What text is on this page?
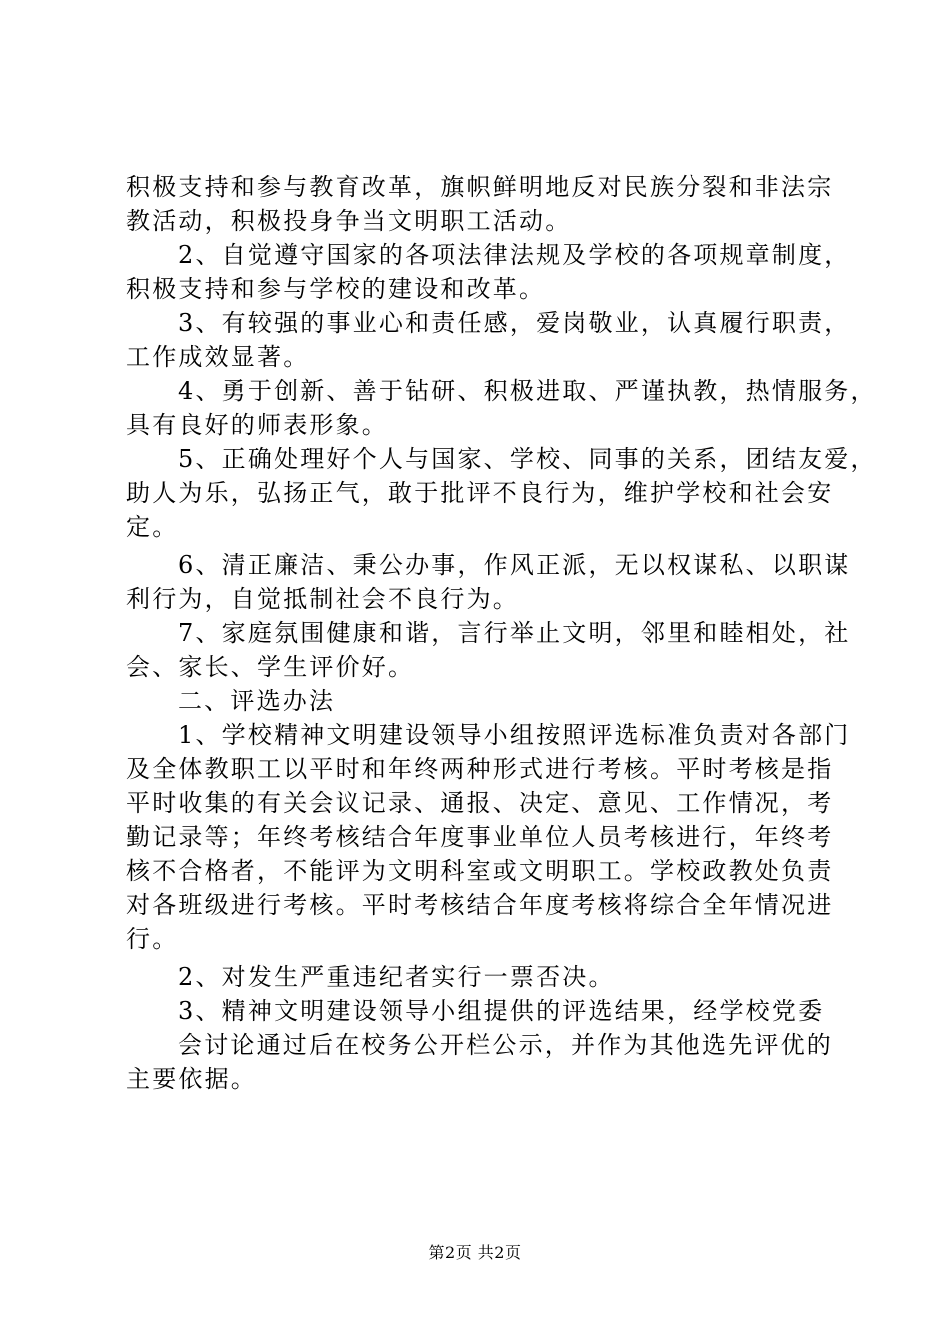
积极支持和参与教育改革，旗帜鲜明地反对民族分裂和非法宗
教活动，积极投身争当文明职工活动。
2、自觉遵守国家的各项法律法规及学校的各项规章制度，
积极支持和参与学校的建设和改革。
3、有较强的事业心和责任感，爱岗敬业，认真履行职责，
工作成效显著。
4、勇于创新、善于钻研、积极进取、严谨执教，热情服务，
具有良好的师表形象。
5、正确处理好个人与国家、学校、同事的关系，团结友爱，
助人为乐，弘扬正气，敢于批评不良行为，维护学校和社会安
定。
6、清正廉洁、秉公办事，作风正派，无以权谋私、以职谋
利行为，自觉抵制社会不良行为。
7、家庭氛围健康和谐，言行举止文明，邻里和睦相处，社
会、家长、学生评价好。
二、评选办法
1、学校精神文明建设领导小组按照评选标准负责对各部门
及全体教职工以平时和年终两种形式进行考核。平时考核是指
平时收集的有关会议记录、通报、决定、意见、工作情况，考
勤记录等；年终考核结合年度事业单位人员考核进行，年终考
核不合格者，不能评为文明科室或文明职工。学校政教处负责
对各班级进行考核。平时考核结合年度考核将综合全年情况进
行。
2、对发生严重违纪者实行一票否决。
3、精神文明建设领导小组提供的评选结果，经学校党委
会讨论通过后在校务公开栏公示，并作为其他选先评优的
主要依据。
第2页 共2页
